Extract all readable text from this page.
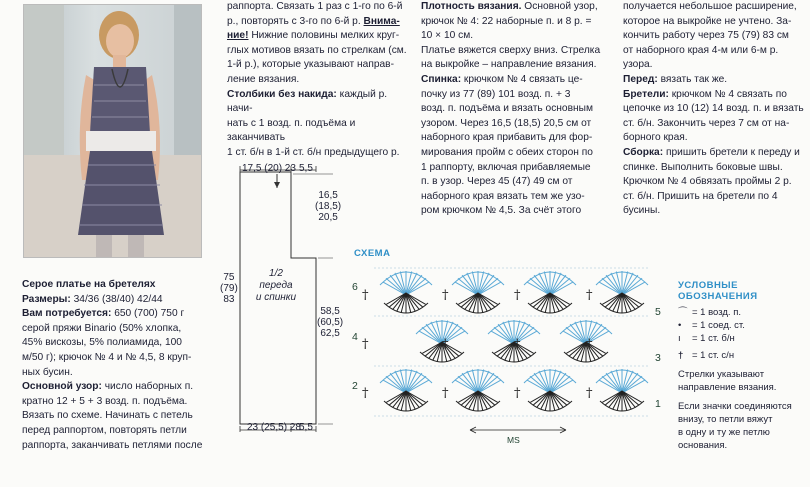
Серое платье на бретелях

Размеры: 34/36 (38/40) 42/44

Вам потребуется: 650 (700) 750 г

серой пряжи Binario (50% хлопка,

45% вискозы, 5% полиамида, 100

м/50 г); крючок № 4 и № 4,5, 8 круп-

ных бусин.

Основной узор: число наборных п.

кратно 12 + 5 + 3 возд. п. подъёма.

Вязать по схеме. Начинать с петель

перед раппортом, повторять петли

раппорта, заканчивать петлями после

раппорта. Связать 1 раз с 1-го по 6-й

р., повторять с 3-го по 6-й р. Внима-

ние! Нижние половины мелких круг-

глых мотивов вязать по стрелкам (см.

1-й р.), которые указывают направ-

ление вязания.

Столбики без накида: каждый р. начи-

нать с 1 возд. п. подъёма и заканчивать

1 ст. б/н в 1-й ст. б/н предыдущего р.

17,5 (20) 23 5,5
16,5
(18,5)
20,5
75
(79)
83
1/2
переда
и спинки
58,5
(60,5)
62,5
23 (25,5) 28
5,5

Плотность вязания. Основной узор,

крючок № 4: 22 наборные п. и 8 р. =

10 × 10 см.

Платье вяжется сверху вниз. Стрелка

на выкройке – направление вязания.

Спинка: крючком № 4 связать це-

почку из 77 (89) 101 возд. п. + 3

возд. п. подъёма и вязать основным

узором. Через 16,5 (18,5) 20,5 см от

наборного края прибавить для фор-

мирования пройм с обеих сторон по

1 раппорту, включая прибавляемые

п. в узор. Через 45 (47) 49 см от

наборного края вязать тем же узо-

ром крючком № 4,5. За счёт этого

получается небольшое расширение,

которое на выкройке не учтено. За-

кончить работу через 75 (79) 83 см

от наборного края 4-м или 6-м р.

узора.

Перед: вязать так же.

Бретели: крючком № 4 связать по

цепочке из 10 (12) 14 возд. п. и вязать

ст. б/н. Закончить через 7 см от на-

борного края.

Сборка: пришить бретели к переду и

спинке. Выполнить боковые швы.

Крючком № 4 обвязать проймы 2 р.

ст. б/н. Пришить на бретели по 4

бусины.

СХЕМА
†	†	†	†
†	†	†	†
†	†	†	†
6
4
2
5
3
1
MS
УСЛОВНЫЕ
ОБОЗНАЧЕНИЯ
⌒ = 1 возд. п.
• = 1 соед. ст.
ı = 1 ст. б/н
† = 1 ст. с/н
Стрелки указывают
направление вязания.
Если значки соединяются
внизу, то петли вяжут
в одну и ту же петлю
основания.
